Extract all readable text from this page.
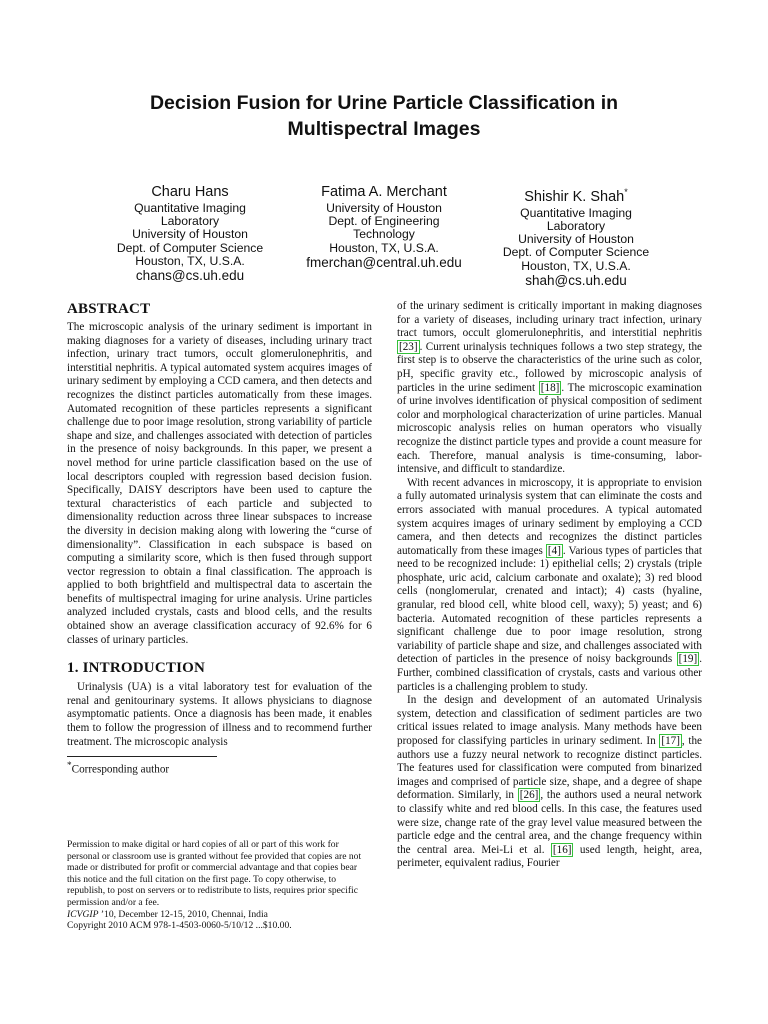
Decision Fusion for Urine Particle Classification in
Multispectral Images
Charu Hans
Quantitative Imaging
Laboratory
University of Houston
Dept. of Computer Science
Houston, TX, U.S.A.
chans@cs.uh.edu
Fatima A. Merchant
University of Houston
Dept. of Engineering
Technology
Houston, TX, U.S.A.
fmerchan@central.uh.edu
Shishir K. Shah*
Quantitative Imaging
Laboratory
University of Houston
Dept. of Computer Science
Houston, TX, U.S.A.
shah@cs.uh.edu
ABSTRACT

The microscopic analysis of the urinary sediment is important in making diagnoses for a variety of diseases, including urinary tract infection, urinary tract tumors, occult glomerulonephritis, and interstitial nephritis. A typical automated system acquires images of urinary sediment by employing a CCD camera, and then detects and recognizes the distinct particles automatically from these images. Automated recognition of these particles represents a significant challenge due to poor image resolution, strong variability of particle shape and size, and challenges associated with detection of particles in the presence of noisy backgrounds. In this paper, we present a novel method for urine particle classification based on the use of local descriptors coupled with regression based decision fusion. Specifically, DAISY descriptors have been used to capture the textural characteristics of each particle and subjected to dimensionality reduction across three linear subspaces to increase the diversity in decision making along with lowering the “curse of dimensionality”. Classification in each subspace is based on computing a similarity score, which is then fused through support vector regression to obtain a final classification. The approach is applied to both brightfield and multispectral data to ascertain the benefits of multispectral imaging for urine analysis. Urine particles analyzed included crystals, casts and blood cells, and the results obtained show an average classification accuracy of 92.6% for 6 classes of urinary particles.

1. INTRODUCTION

Urinalysis (UA) is a vital laboratory test for evaluation of the renal and genitourinary systems. It allows physicians to diagnose asymptomatic patients. Once a diagnosis has been made, it enables them to follow the progression of illness and to recommend further treatment. The microscopic analysis

*Corresponding author

Permission to make digital or hard copies of all or part of this work for personal or classroom use is granted without fee provided that copies are not made or distributed for profit or commercial advantage and that copies bear this notice and the full citation on the first page. To copy otherwise, to republish, to post on servers or to redistribute to lists, requires prior specific permission and/or a fee.

ICVGIP ’10, December 12-15, 2010, Chennai, India

Copyright 2010 ACM 978-1-4503-0060-5/10/12 ...$10.00.

of the urinary sediment is critically important in making diagnoses for a variety of diseases, including urinary tract infection, urinary tract tumors, occult glomerulonephritis, and interstitial nephritis [23] . Current urinalysis techniques follows a two step strategy, the first step is to observe the characteristics of the urine such as color, pH, specific gravity etc., followed by microscopic analysis of particles in the urine sediment [18] . The microscopic examination of urine involves identification of physical composition of sediment color and morphological characterization of urine particles. Manual microscopic analysis relies on human operators who visually recognize the distinct particle types and provide a count measure for each. Therefore, manual analysis is time-consuming, labor-intensive, and difficult to standardize.

With recent advances in microscopy, it is appropriate to envision a fully automated urinalysis system that can eliminate the costs and errors associated with manual procedures. A typical automated system acquires images of urinary sediment by employing a CCD camera, and then detects and recognizes the distinct particles automatically from these images [4] . Various types of particles that need to be recognized include: 1) epithelial cells; 2) crystals (triple phosphate, uric acid, calcium carbonate and oxalate); 3) red blood cells (nonglomerular, crenated and intact); 4) casts (hyaline, granular, red blood cell, white blood cell, waxy); 5) yeast; and 6) bacteria. Automated recognition of these particles represents a significant challenge due to poor image resolution, strong variability of particle shape and size, and challenges associated with detection of particles in the presence of noisy backgrounds [19] . Further, combined classification of crystals, casts and various other particles is a challenging problem to study.

In the design and development of an automated Urinalysis system, detection and classification of sediment particles are two critical issues related to image analysis. Many methods have been proposed for classifying particles in urinary sediment. In [17] , the authors use a fuzzy neural network to recognize distinct particles. The features used for classification were computed from binarized images and comprised of particle size, shape, and a degree of shape deformation. Similarly, in [26] , the authors used a neural network to classify white and red blood cells. In this case, the features used were size, change rate of the gray level value measured between the particle edge and the central area, and the change frequency within the central area. Mei-Li et al. [16] used length, height, area, perimeter, equivalent radius, Fourier
